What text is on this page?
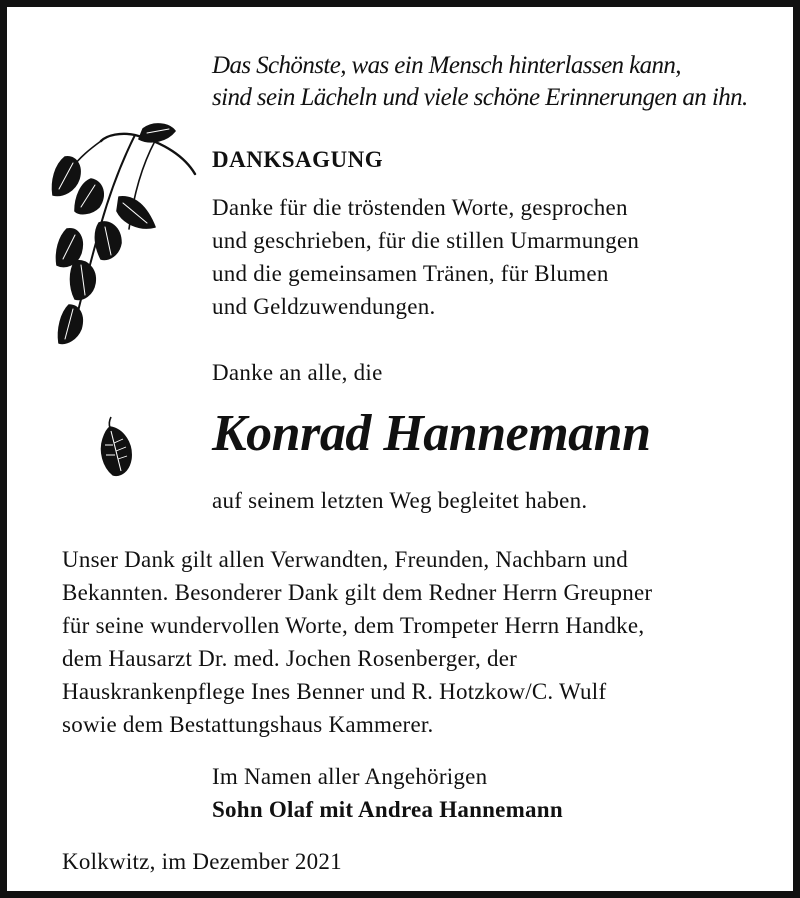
Das Schönste, was ein Mensch hinterlassen kann,
sind sein Lächeln und viele schöne Erinnerungen an ihn.
DANKSAGUNG
Danke für die tröstenden Worte, gesprochen
und geschrieben, für die stillen Umarmungen
und die gemeinsamen Tränen, für Blumen
und Geldzuwendungen.
Danke an alle, die
Konrad Hannemann
auf seinem letzten Weg begleitet haben.
Unser Dank gilt allen Verwandten, Freunden, Nachbarn und
Bekannten. Besonderer Dank gilt dem Redner Herrn Greupner
für seine wundervollen Worte, dem Trompeter Herrn Handke,
dem Hausarzt Dr. med. Jochen Rosenberger, der
Hauskrankenpflege Ines Benner und R. Hotzkow/C. Wulf
sowie dem Bestattungshaus Kammerer.
Im Namen aller Angehörigen
Sohn Olaf mit Andrea Hannemann
Kolkwitz, im Dezember 2021
